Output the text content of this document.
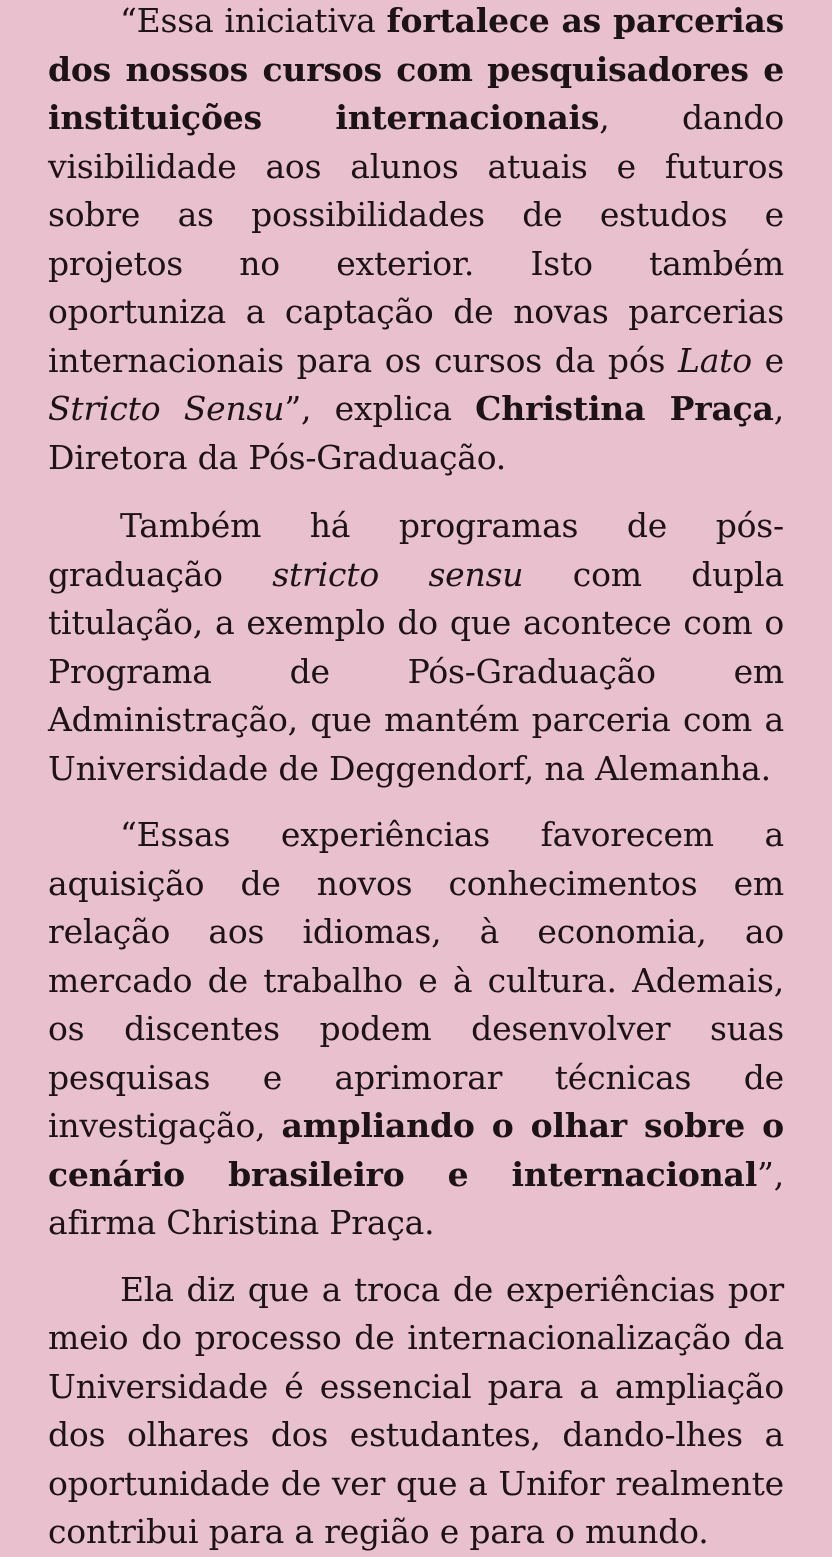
“Essa iniciativa fortalece as parcerias dos nossos cursos com pesquisadores e instituições internacionais, dando visibilidade aos alunos atuais e futuros sobre as possibilidades de estudos e projetos no exterior. Isto também oportuniza a captação de novas parcerias internacionais para os cursos da pós Lato e Stricto Sensu”, explica Christina Praça, Diretora da Pós-Graduação.

Também há programas de pós-graduação stricto sensu com dupla titulação, a exemplo do que acontece com o Programa de Pós-Graduação em Administração, que mantém parceria com a Universidade de Deggendorf, na Alemanha.

“Essas experiências favorecem a aquisição de novos conhecimentos em relação aos idiomas, à economia, ao mercado de trabalho e à cultura. Ademais, os discentes podem desenvolver suas pesquisas e aprimorar técnicas de investigação, ampliando o olhar sobre o cenário brasileiro e internacional”, afirma Christina Praça.

Ela diz que a troca de experiências por meio do processo de internacionalização da Universidade é essencial para a ampliação dos olhares dos estudantes, dando-lhes a oportunidade de ver que a Unifor realmente contribui para a região e para o mundo.
